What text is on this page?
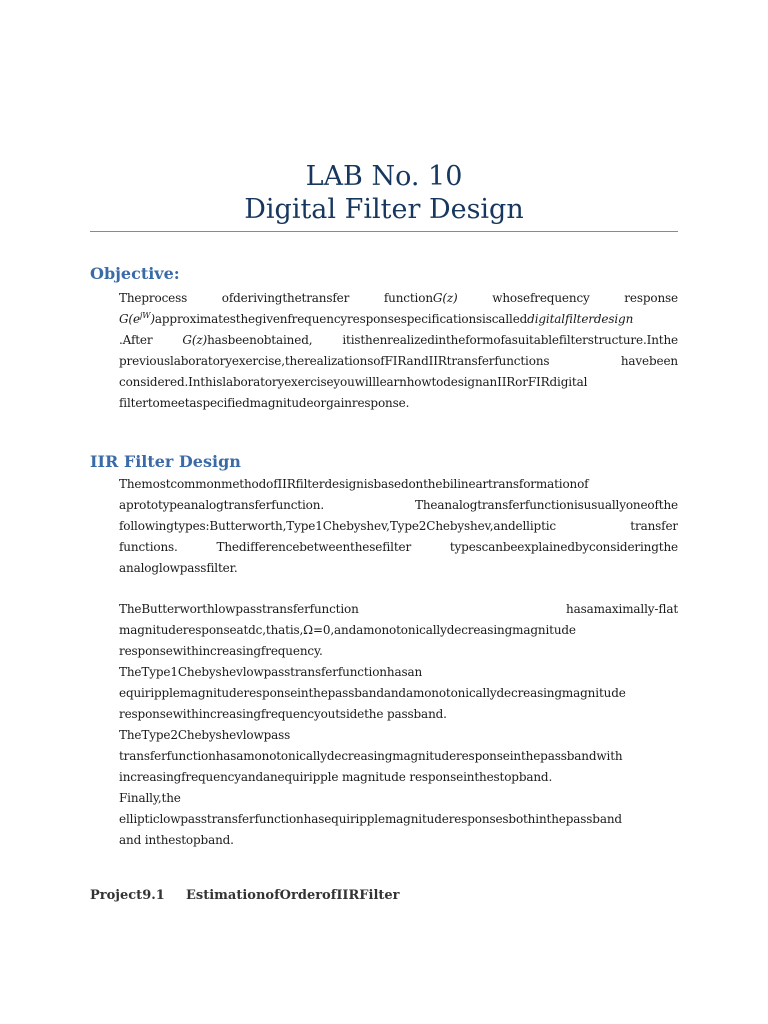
LAB No. 10
Digital Filter Design
Objective:
Theprocess ofderivingthetransfer functionG(z) whosefrequency response
$G(e^{jW})approximatesthegivenfrequencyresponsespecificationsiscalleddigitalfilterdesign$
.After G(z)hasbeenobtained, itisthenrealizedintheformofasuitablefilterstructure.Inthe
previouslaboratoryexercise,therealizationsofFIRandIIRtransferfunctions havebeen
considered.InthislaboratoryexerciseyouwilllearnhowtodesignanIIRorFIRdigital
filtertomeetaspecifiedmagnitudeorgainresponse.
IIR Filter Design
ThemostcommonmethodofIIRfilterdesignisbasedonthebilineartransformationof
aprototypeanalogtransferfunction. Theanalogtransferfunctionisusuallyoneofthe
followingtypes:Butterworth,Type1Chebyshev,Type2Chebyshev,andelliptic transfer
functions. Thedifferencebetweenthesefilter typescanbeexplainedbyconsideringthe
analoglowpassfilter.
TheButterworthlowpasstransferfunction hasamaximally-flat
magnituderesponseatdc,thatis,Ω=0,andamonotonicallydecreasingmagnitude
responsewithincreasingfrequency.
TheType1Chebyshevlowpasstransferfunctionhasan
equiripplemagnituderesponseinthepassbandandamonotonicallydecreasingmagnitude
responsewithincreasingfrequencyoutsidethe passband.
TheType2Chebyshevlowpass
transferfunctionhasamonotonicallydecreasingmagnituderesponseinthepassbandwith
increasingfrequencyandanequiripple magnitude responseinthestopband.
Finally,the
ellipticlowpasstransferfunctionhasequiripplemagnituderesponsesbothinthepassband
and inthestopband.
Project9.1 EstimationofOrderofIIRFilter
